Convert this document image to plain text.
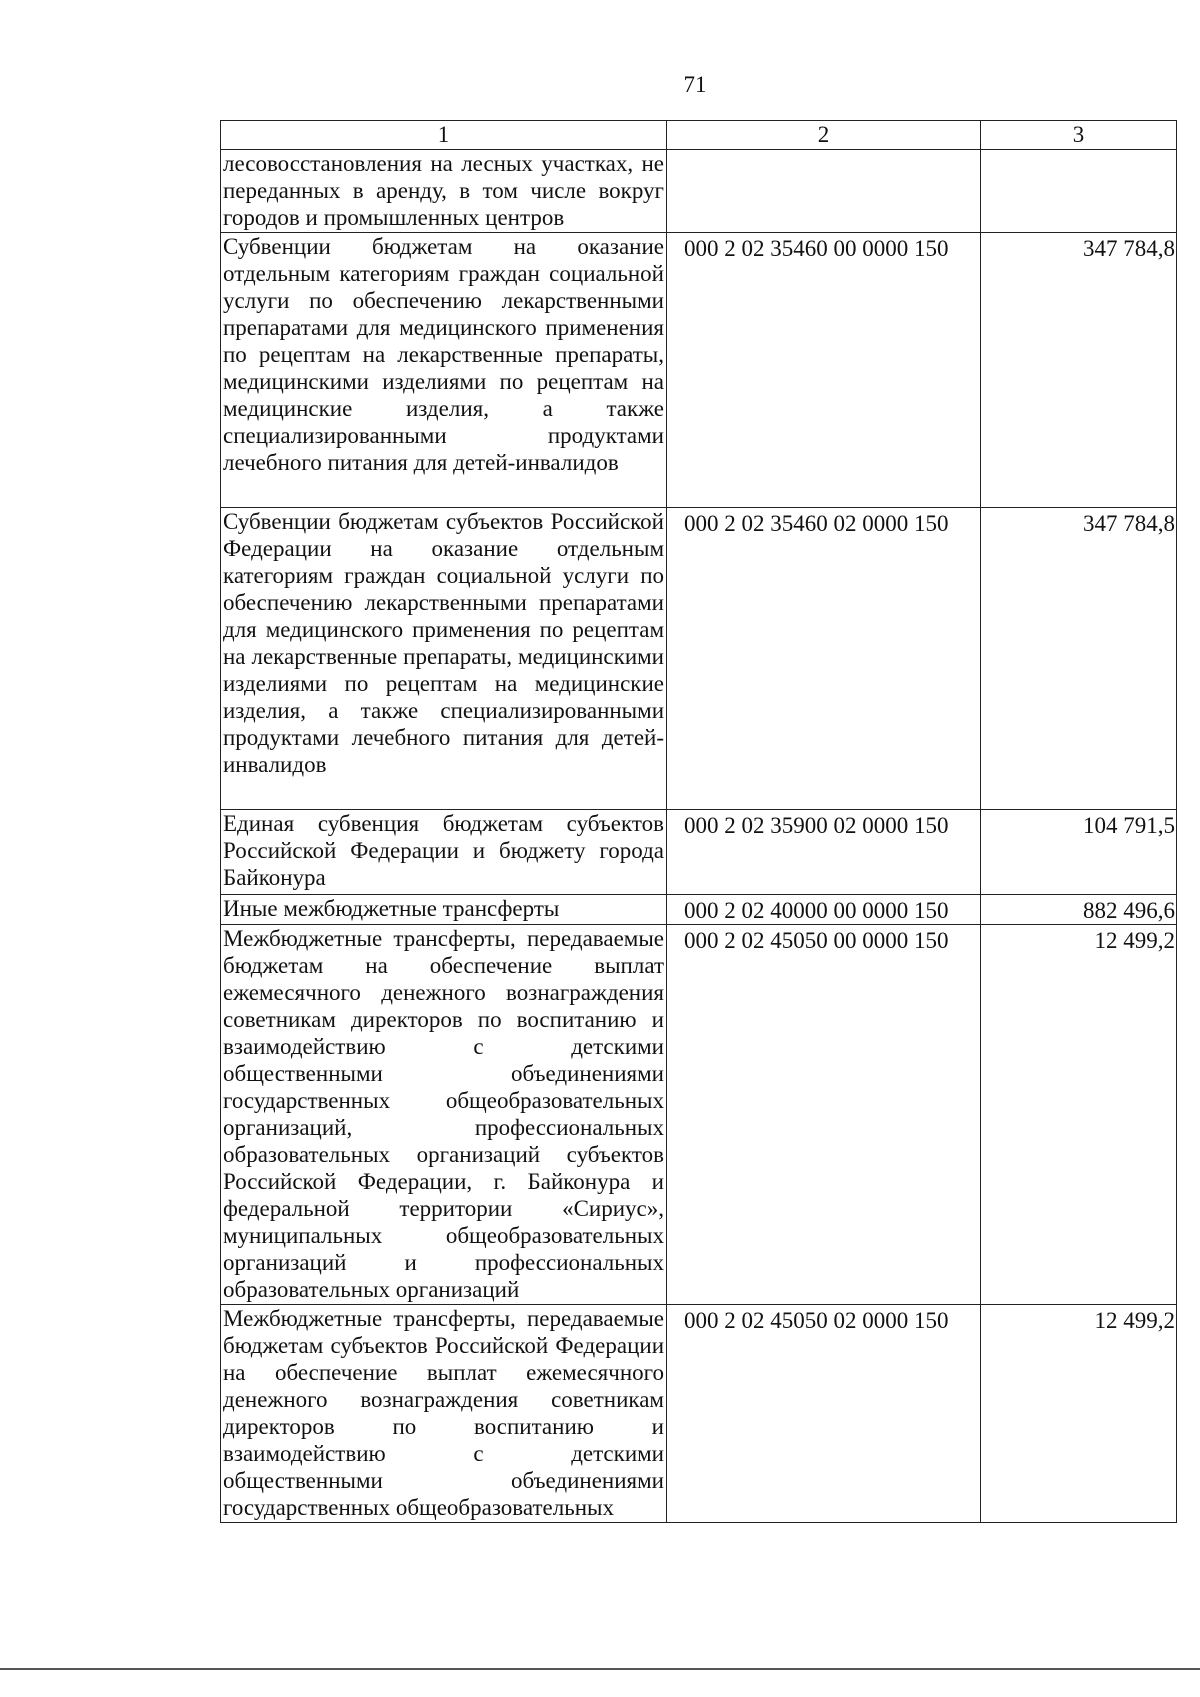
71
1	2	3
лесовосстановления на лесных участках, не переданных в аренду, в том числе вокруг городов и промышленных центров		
Субвенции бюджетам на оказание отдельным категориям граждан социальной услуги по обеспечению лекарственными препаратами для медицинского применения по рецептам на лекарственные препараты, медицинскими изделиями по рецептам на медицинские изделия, а также специализированными продуктами лечебного питания для детей-инвалидов	000 2 02 35460 00 0000 150	347 784,8
Субвенции бюджетам субъектов Российской Федерации на оказание отдельным категориям граждан социальной услуги по обеспечению лекарственными препаратами для медицинского применения по рецептам на лекарственные препараты, медицинскими изделиями по рецептам на медицинские изделия, а также специализированными продуктами лечебного питания для детей-инвалидов	000 2 02 35460 02 0000 150	347 784,8
Единая субвенция бюджетам субъектов Российской Федерации и бюджету города Байконура	000 2 02 35900 02 0000 150	104 791,5
Иные межбюджетные трансферты	000 2 02 40000 00 0000 150	882 496,6
Межбюджетные трансферты, передаваемые бюджетам на обеспечение выплат ежемесячного денежного вознаграждения советникам директоров по воспитанию и взаимодействию с детскими общественными объединениями государственных общеобразовательных организаций, профессиональных образовательных организаций субъектов Российской Федерации, г. Байконура и федеральной территории «Сириус», муниципальных общеобразовательных организаций и профессиональных образовательных организаций	000 2 02 45050 00 0000 150	12 499,2
Межбюджетные трансферты, передаваемые бюджетам субъектов Российской Федерации на обеспечение выплат ежемесячного денежного вознаграждения советникам директоров по воспитанию и взаимодействию с детскими общественными объединениями государственных общеобразовательных	000 2 02 45050 02 0000 150	12 499,2
